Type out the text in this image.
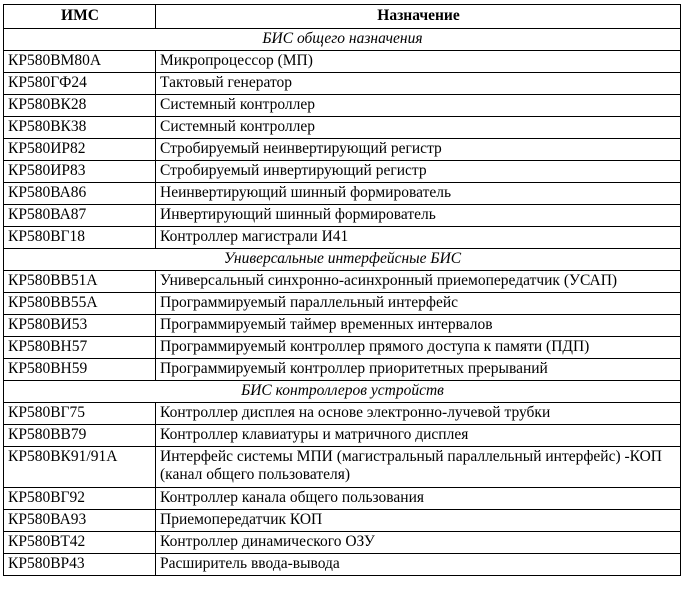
ИМС	Назначение
БИС общего назначения	
КР580ВМ80А	Микропроцессор (МП)
КР580ГФ24	Тактовый генератор
КР580ВК28	Системный контроллер
КР580ВК38	Системный контроллер
КР580ИР82	Стробируемый неинвертирующий регистр
КР580ИР83	Стробируемый инвертирующий регистр
КР580ВА86	Неинвертирующий шинный формирователь
КР580ВА87	Инвертирующий шинный формирователь
КР580ВГ18	Контроллер магистрали И41
Универсальные интерфейсные БИС	
КР580ВВ51А	Универсальный синхронно-асинхронный приемопередатчик (УСАП)
КР580ВВ55А	Программируемый параллельный интерфейс
КР580ВИ53	Программируемый таймер временных интервалов
КР580ВН57	Программируемый контроллер прямого доступа к памяти (ПДП)
КР580ВН59	Программируемый контроллер приоритетных прерываний
БИС контроллеров устройств	
КР580ВГ75	Контроллер дисплея на основе электронно-лучевой трубки
КР580ВВ79	Контроллер клавиатуры и матричного дисплея
КР580ВК91/91А	Интерфейс системы МПИ (магистральный параллельный интерфейс) -КОП (канал общего пользователя)
КР580ВГ92	Контроллер канала общего пользования
КР580ВА93	Приемопередатчик КОП
КР580ВТ42	Контроллер динамического ОЗУ
КР580ВР43	Расширитель ввода-вывода
